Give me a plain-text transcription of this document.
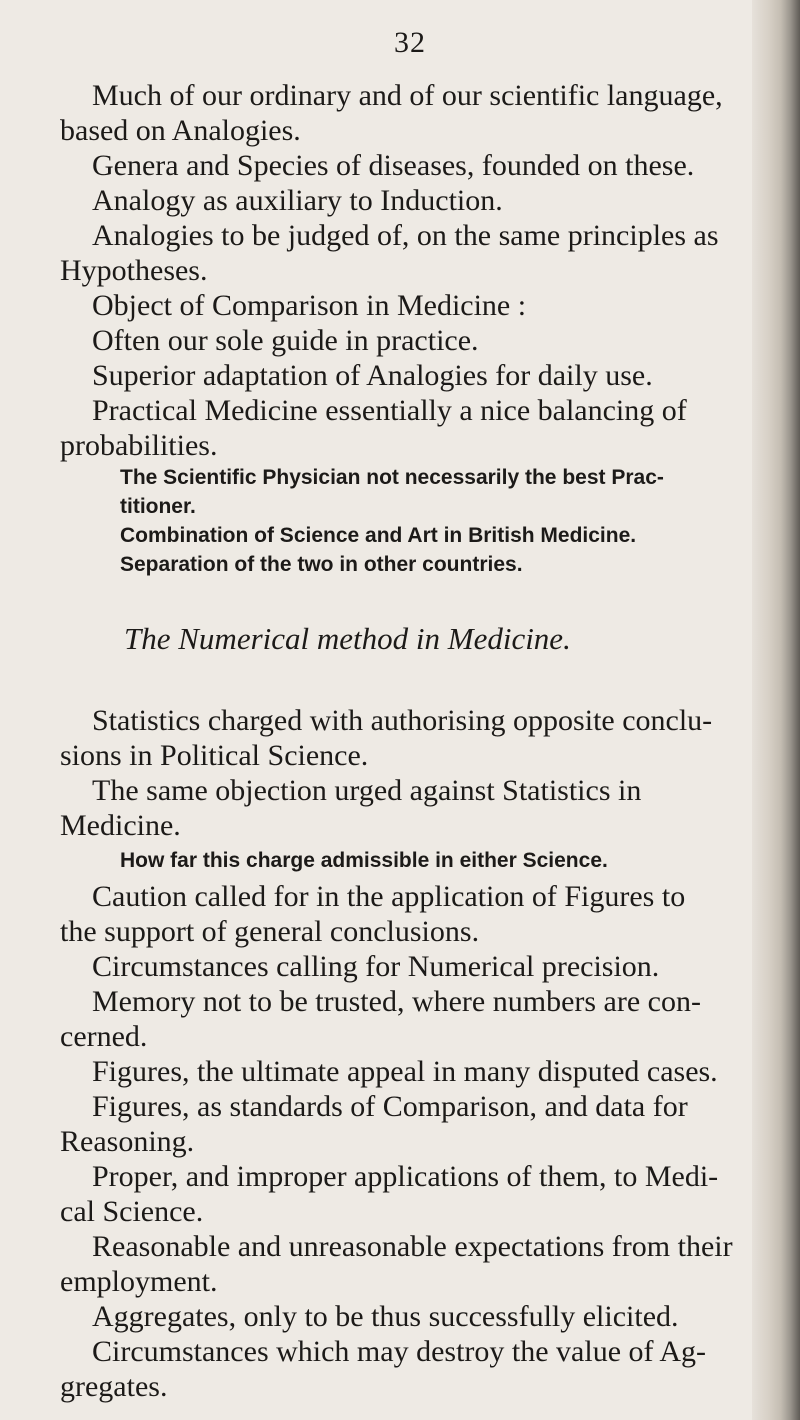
32
Much of our ordinary and of our scientific language,
based on Analogies.
Genera and Species of diseases, founded on these.
Analogy as auxiliary to Induction.
Analogies to be judged of, on the same principles as
Hypotheses.
Object of Comparison in Medicine :
Often our sole guide in practice.
Superior adaptation of Analogies for daily use.
Practical Medicine essentially a nice balancing of
probabilities.
The Scientific Physician not necessarily the best Prac-
titioner.
Combination of Science and Art in British Medicine.
Separation of the two in other countries.
The Numerical method in Medicine.
Statistics charged with authorising opposite conclu-
sions in Political Science.
The same objection urged against Statistics in
Medicine.
How far this charge admissible in either Science.
Caution called for in the application of Figures to
the support of general conclusions.
Circumstances calling for Numerical precision.
Memory not to be trusted, where numbers are con-
cerned.
Figures, the ultimate appeal in many disputed cases.
Figures, as standards of Comparison, and data for
Reasoning.
Proper, and improper applications of them, to Medi-
cal Science.
Reasonable and unreasonable expectations from their
employment.
Aggregates, only to be thus successfully elicited.
Circumstances which may destroy the value of Ag-
gregates.
